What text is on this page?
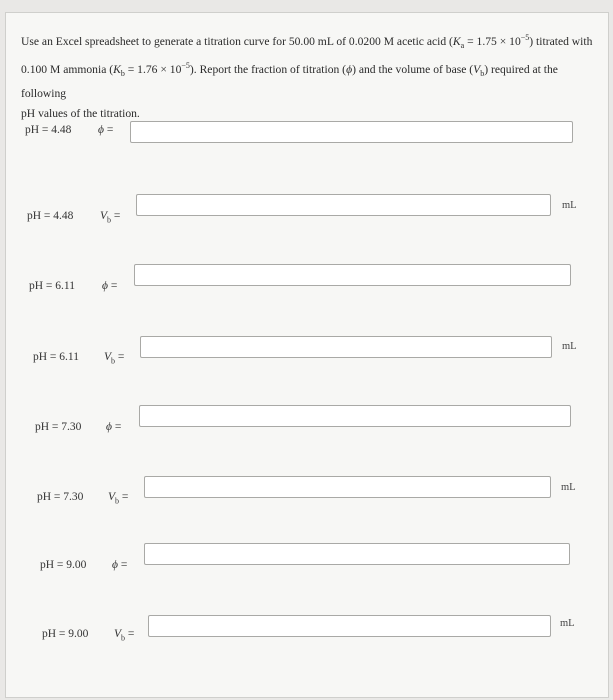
Use an Excel spreadsheet to generate a titration curve for 50.00 mL of 0.0200 M acetic acid $(K_a = 1.75 \times 10^{-5})$ titrated with
0.100 M ammonia $(K_b = 1.76 \times 10^{-5})$. Report the fraction of titration (ϕ) and the volume of base $(V_b)$ required at the following
pH values of the titration.
pH = 4.48 ϕ =
pH = 4.48 $V_b$ =
mL
pH = 6.11 ϕ =
pH = 6.11 $V_b$ =
mL
pH = 7.30 ϕ =
pH = 7.30 $V_b$ =
mL
pH = 9.00 ϕ =
pH = 9.00 $V_b$ =
mL
